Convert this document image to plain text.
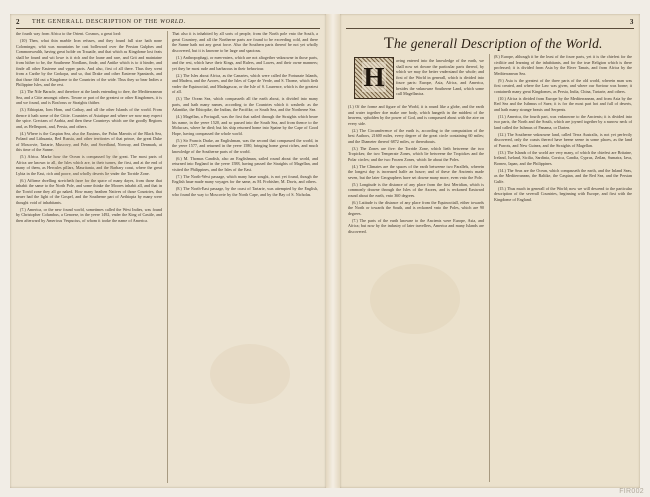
2 THE GENERALL DESCRIPTION OF THE WORLD.

the fourth way from Africa to the Orient. Cosmos, a great lord:

(10) Then, what thin marble Iron refuses, and they found full sixe hath none Colominger, whit was mountains be cast bolleward over the Persian Gulphes and Commonwealth, having great holde on Trauaile, and that which as Kingdome lost feats shall be found and wit lowe is it rich and the loane and rare, and Grit and maintaine from hither to be, the Southerne Nordlans, finde, and Antike which is to it hinder, and finde all other Easterne and vpper parts. And also, first of all there. Thus they went from a Carthe by the Grokopa, and so, that Drake and other Easterne Spaniards, and that those fild out a Kingdome to the Countries of the wide. Thus they so bear Indies a Philippine Isles, and the rest.

(2.) The Nile Baracle, and therefore at the lands entending to thee, the Mediterranean Sea, and a Citie amongst others. Towne or part of the greatest or other Kingdomes, it is and we found, and is Bosforus or Straights thither.

(3.) Ethiopian, Iom Hom, and Cathay, and all the other Islands of the world. From thence it hath some of the Cittie. Countries of Asiatique and where we now may expect the spice. Grecians of Arabia, and then these Countreys which are the goodly Regions and, as Hellespont, and, Persia, and others.

(4.) Where is the Caspian Sea, also the Euxinus, the Palus Maeotis of the Black Sea, Poland and Lithuania, Red Russia, and other territories of that prince, the great Duke of Moscovie, Tartarie, Muscovy, and Pole, and Swedland, Norway, and Denmark, at this time of the Sunne.

(5.) Africa. Marke how the Ocean is compassed by the great. The most parts of Africa are known to all, the Isles which are, in their turnes, the first, and at the end of many of them, as Hercules pillars, Mauritania, and the Barbary coast, where the great Lybia in the East, rich and poore, and wholly deserts lie vnder the Torride Zone.

(6.) Affirme dwelling stretcheth farre for the space of many dayes, from those that inhabit the same to the North Pole, and some thinke the Moores inhabit all, and that in the Torrid zone they all go naked. How many heathen Natives of those Countries, that neuer had the light of the Gospel, and the Southerne part of Aethiopia by many were thought void of inhabitants.

(7.) America, or the new found world, sometimes called the West Indies, was found by Christopher Columbus, a Genoese, in the yeere 1492, vnder the King of Castile, and then afterward by Americus Vespucius, of whom it tooke the name of America.

That also it is inhabited by all sorts of people, from the North pole vnto the South, a great Countrey, and all the Northerne parts are found to be exceeding cold, and there the Sunne hath not any great force. Also the Southern parts thereof be not yet wholly discovered, but it is knowne to be large and spacious.

(1.) Anthropophagi, or men-eaters, which are not altogether vnknowne in those parts, and the rest, which have their Kings, and Rulers, and Lawes, and their owne manners; yet they be most rude and barbarous in their behaviour.

(2.) The Isles about Africa, as the Canaries, which were called the Fortunate Islands, and Madera, and the Azores, and the Isles of Cape de Verde, and S. Thome, which lieth vnder the Equinoctial, and Madagascar, or the Isle of S. Laurence, which is the greatest of all.

(3.) The Ocean Sea, which compasseth all the earth about, is divided into many parts, and hath many names, according to the Countries which it washeth: as the Atlantike, the Ethiopike, the Indian, the Pacifike, or South Sea, and the Northerne Sea.

(4.) Magellan, a Portugall, was the first that sailed through the Straights which beare his name, in the yeere 1520, and so passed into the South Sea, and from thence to the Moluccas, where he died; but his ship returned home into Spaine by the Cape of Good Hope, having compassed the whole world.

(5.) Sir Francis Drake, an Englishman, was the second that compassed the world, in the yeere 1577, and returned in the yeere 1580, bringing home great riches, and much knowledge of the Southerne parts of the world.

(6.) M. Thomas Candish, also an Englishman, sailed round about the world, and returned into England in the yeere 1588, having passed the Straights of Magellan, and visited the Philippines, and the Isles of the East.

(7.) The North-West passage, which many haue sought, is not yet found, though the English haue made many voyages for the same, as M. Frobisher, M. Davis, and others.

(8.) The North-East passage, by the coast of Tartarie, was attempted by the English, who found the way to Moscovie by the North Cape, and by the Bay of S. Nicholas.

3
The generall Description of the World.
H

aving entered into the knowledge of the earth, we shall now set downe the particular parts thereof, by which we may the better vnderstand the whole; and first of the World in generall, which is divided into foure parts: Europe, Asia, Africa, and America, besides the vnknowne Southerne Land, which some call Magellanica.

(1.) Of the forme and figure of the World, it is round like a globe, and the earth and water together doe make one body, which hangeth in the middest of the heavens, vpholden by the power of God, and is compassed about with the aire on every side.

(2.) The Circumference of the earth is, according to the computation of the best Authors, 21600 miles, every degree of the great circle containing 60 miles; and the Diameter thereof 6872 miles, or thereabouts.

(3.) The Zones are five: the Torride Zone, which lieth betweene the two Tropickes; the two Temperate Zones, which lie betweene the Tropickes and the Polar circles; and the two Frozen Zones, which lie about the Poles.

(4.) The Climates are the spaces of the earth betweene two Parallels, wherein the longest day is increased halfe an houre; and of these the Ancients made seven, but the later Geographers have set downe many more, even vnto the Pole.

(5.) Longitude is the distance of any place from the first Meridian, which is commonly drawne through the Isles of the Azores, and is reckoned Eastward round about the earth, vnto 360 degrees.

(6.) Latitude is the distance of any place from the Equinoctiall, either towards the North or towards the South, and is reckoned vnto the Poles, which are 90 degrees.

(7.) The parts of the earth knowne to the Ancients were Europe, Asia, and Africa; but now by the industry of later travellers, America and many Islands are discovered.

(8.) Europe, although it be the least of the foure parts, yet it is the chiefest for the civilitie and learning of the inhabitants, and for the true Religion which is there professed; it is divided from Asia by the River Tanais, and from Africa by the Mediterranean Sea.

(9.) Asia is the greatest of the three parts of the old world, wherein man was first created, and where the Law was given, and where our Saviour was borne; it containeth many great Kingdomes, as Persia, India, China, Tartarie, and others.

(10.) Africa is divided from Europe by the Mediterranean, and from Asia by the Red Sea and the Isthmus of Suez; it is for the most part hot and full of deserts, and hath many strange beasts and Serpents.

(11.) America, the fourth part, was vnknowne to the Ancients; it is divided into two parts, the North and the South, which are joyned together by a narrow neck of land called the Isthmus of Panama, or Darien.

(12.) The Southerne vnknowne land, called Terra Australis, is not yet perfectly discovered, only the coasts thereof have beene seene in some places, as the land of Parrots, and New Guinea, and the Straights of Magellan.

(13.) The Islands of the world are very many, of which the chiefest are Britaine, Ireland, Iseland, Sicilia, Sardinia, Corsica, Candia, Cyprus, Zeilan, Sumatra, Iava, Borneo, Iapan, and the Philippines.

(14.) The Seas are the Ocean, which compasseth the earth, and the Inland Seas, as the Mediterranean, the Baltike, the Caspian, and the Red Sea, and the Persian Gulfe.

(15.) Thus much in generall of the World; now we will descend to the particular description of the severall Countries, beginning with Europe, and first with the Kingdome of England.

FIR002
